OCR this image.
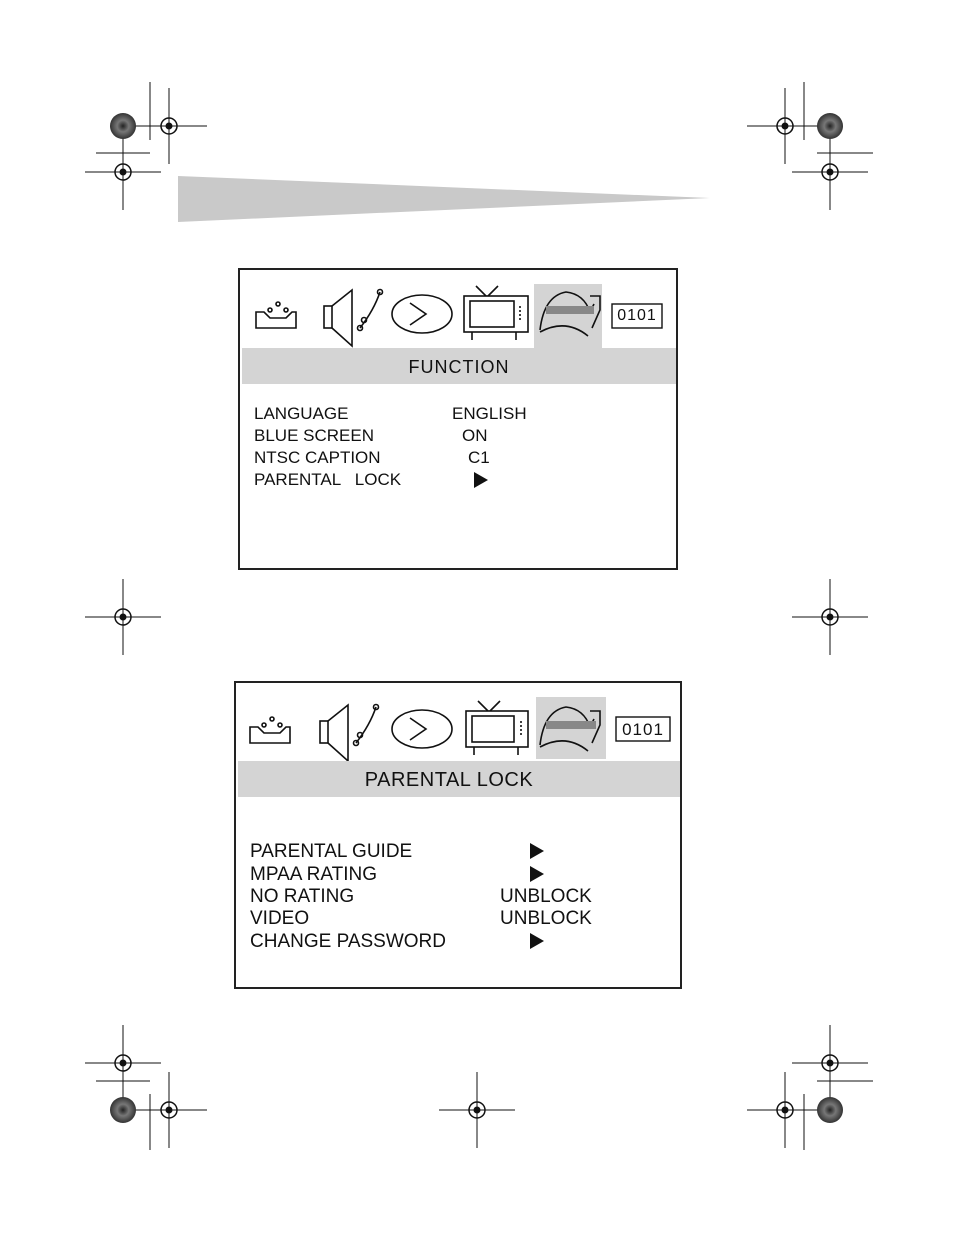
0101
FUNCTION
LANGUAGE	ENGLISH
BLUE SCREEN	ON
NTSC CAPTION	C1
PARENTAL   LOCK
0101
PARENTAL LOCK
PARENTAL GUIDE
MPAA RATING
NO RATING	UNBLOCK
VIDEO	UNBLOCK
CHANGE PASSWORD
